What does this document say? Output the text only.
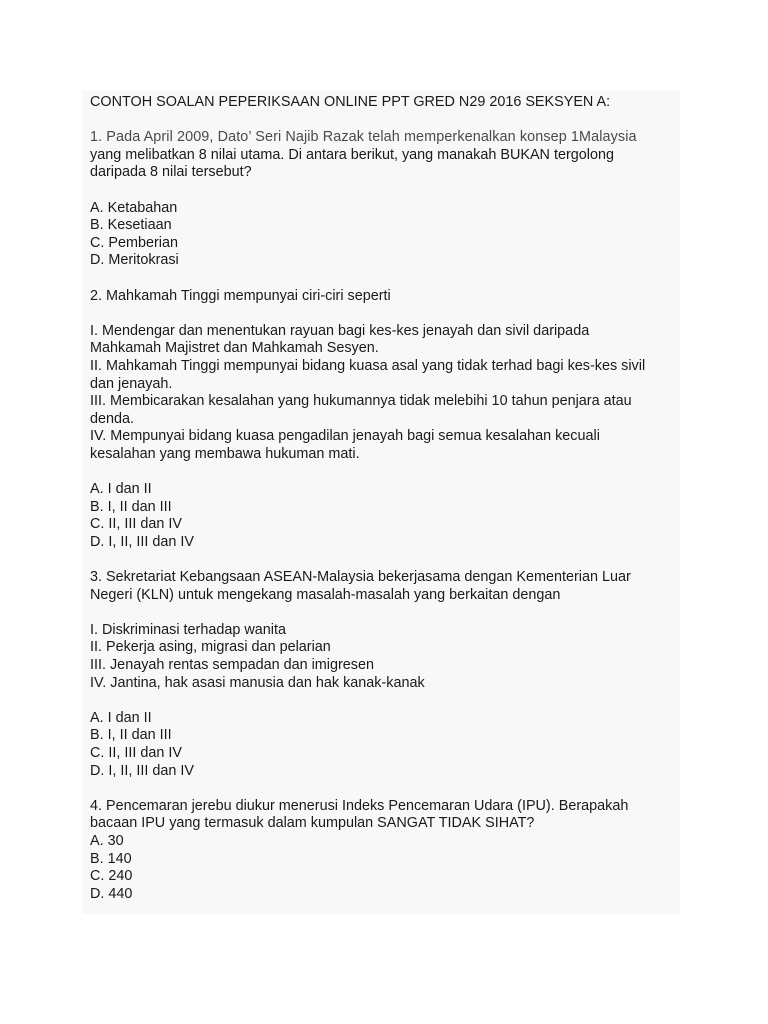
CONTOH SOALAN PEPERIKSAAN ONLINE PPT GRED N29 2016 SEKSYEN A:

1. Pada April 2009, Dato’ Seri Najib Razak telah memperkenalkan konsep 1Malaysia

yang melibatkan 8 nilai utama. Di antara berikut, yang manakah BUKAN tergolong

daripada 8 nilai tersebut?

A. Ketabahan

B. Kesetiaan

C. Pemberian

D. Meritokrasi

2. Mahkamah Tinggi mempunyai ciri-ciri seperti

I. Mendengar dan menentukan rayuan bagi kes-kes jenayah dan sivil daripada

Mahkamah Majistret dan Mahkamah Sesyen.

II. Mahkamah Tinggi mempunyai bidang kuasa asal yang tidak terhad bagi kes-kes sivil

dan jenayah.

III. Membicarakan kesalahan yang hukumannya tidak melebihi 10 tahun penjara atau

denda.

IV. Mempunyai bidang kuasa pengadilan jenayah bagi semua kesalahan kecuali

kesalahan yang membawa hukuman mati.

A. I dan II

B. I, II dan III

C. II, III dan IV

D. I, II, III dan IV

3. Sekretariat Kebangsaan ASEAN-Malaysia bekerjasama dengan Kementerian Luar

Negeri (KLN) untuk mengekang masalah-masalah yang berkaitan dengan

I. Diskriminasi terhadap wanita

II. Pekerja asing, migrasi dan pelarian

III. Jenayah rentas sempadan dan imigresen

IV. Jantina, hak asasi manusia dan hak kanak-kanak

A. I dan II

B. I, II dan III

C. II, III dan IV

D. I, II, III dan IV

4. Pencemaran jerebu diukur menerusi Indeks Pencemaran Udara (IPU). Berapakah

bacaan IPU yang termasuk dalam kumpulan SANGAT TIDAK SIHAT?

A. 30

B. 140

C. 240

D. 440
